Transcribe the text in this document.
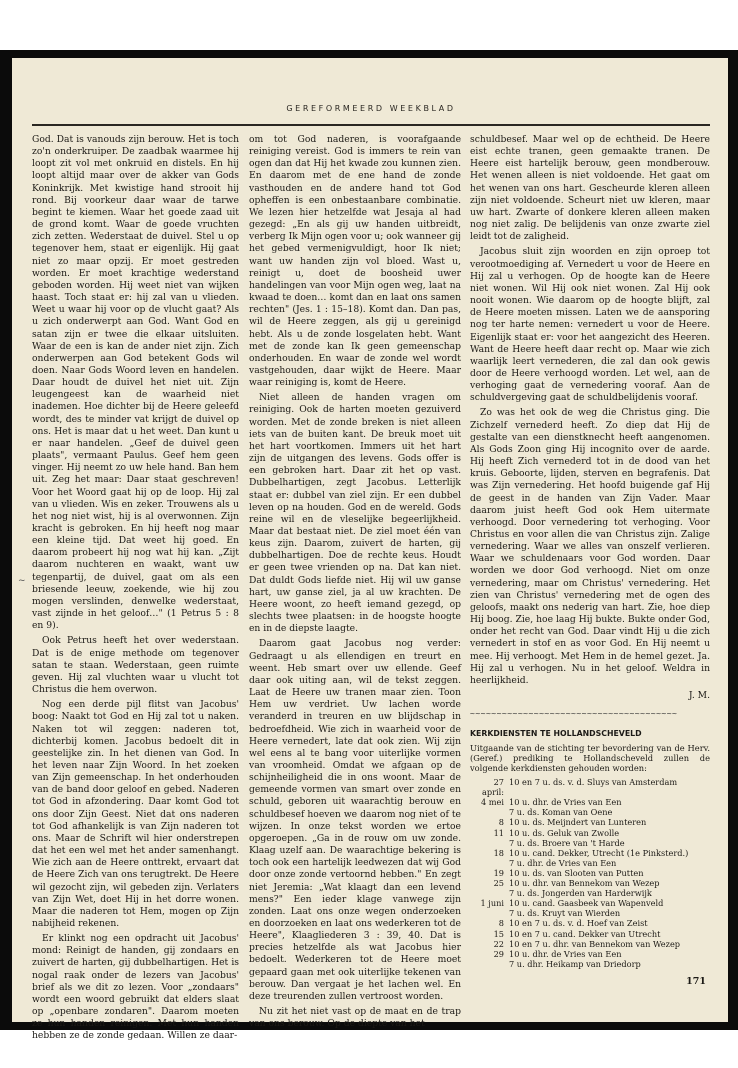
GEREFORMEERD WEEKBLAD

God. Dat is vanouds zijn berouw. Het is toch zo'n onderkruiper. De zaadbak waarmee hij loopt zit vol met onkruid en distels. En hij loopt altijd maar over de akker van Gods Koninkrijk. Met kwistige hand strooit hij rond. Bij voorkeur daar waar de tarwe begint te kiemen. Waar het goede zaad uit de grond komt. Waar de goede vruchten zich zetten. Wederstaat de duivel. Stel u op tegenover hem, staat er eigenlijk. Hij gaat niet zo maar opzij. Er moet gestreden worden. Er moet krachtige wederstand geboden worden. Hij weet niet van wijken haast. Toch staat er: hij zal van u vlieden. Weet u waar hij voor op de vlucht gaat? Als u zich onderwerpt aan God. Want God en satan zijn er twee die elkaar uitsluiten. Waar de een is kan de ander niet zijn. Zich onderwerpen aan God betekent Gods wil doen. Naar Gods Woord leven en handelen. Daar houdt de duivel het niet uit. Zijn leugengeest kan de waarheid niet inademen. Hoe dichter bij de Heere geleefd wordt, des te minder vat krijgt de duivel op ons. Het is maar dat u het weet. Dan kunt u er naar handelen. „Geef de duivel geen plaats", vermaant Paulus. Geef hem geen vinger. Hij neemt zo uw hele hand. Ban hem uit. Zeg het maar: Daar staat geschreven! Voor het Woord gaat hij op de loop. Hij zal van u vlieden. Wis en zeker. Trouwens als u het nog niet wist, hij is al overwonnen. Zijn kracht is gebroken. En hij heeft nog maar een kleine tijd. Dat weet hij goed. En daarom probeert hij nog wat hij kan. „Zijt daarom nuchteren en waakt, want uw tegenpartij, de duivel, gaat om als een briesende leeuw, zoekende, wie hij zou mogen verslinden, denwelke wederstaat, vast zijnde in het geloof…" (1 Petrus 5 : 8 en 9).

Ook Petrus heeft het over wederstaan. Dat is de enige methode om tegenover satan te staan. Wederstaan, geen ruimte geven. Hij zal vluchten waar u vlucht tot Christus die hem overwon.

Nog een derde pijl flitst van Jacobus' boog: Naakt tot God en Hij zal tot u naken. Naken tot wil zeggen: naderen tot, dichterbij komen. Jacobus bedoelt dit in geestelijke zin. In het dienen van God. In het leven naar Zijn Woord. In het zoeken van Zijn gemeenschap. In het onderhouden van de band door geloof en gebed. Naderen tot God in afzondering. Daar komt God tot ons door Zijn Geest. Niet dat ons naderen tot God afhankelijk is van Zijn naderen tot ons. Maar de Schrift wil hier onderstrepen dat het een wel met het ander samenhangt. Wie zich aan de Heere onttrekt, ervaart dat de Heere Zich van ons terugtrekt. De Heere wil gezocht zijn, wil gebeden zijn. Verlaters van Zijn Wet, doet Hij in het dorre wonen. Maar die naderen tot Hem, mogen op Zijn nabijheid rekenen.

Er klinkt nog een opdracht uit Jacobus' mond: Reinigt de handen, gij zondaars en zuivert de harten, gij dubbelhartigen. Het is nogal raak onder de lezers van Jacobus' brief als we dit zo lezen. Voor „zondaars" wordt een woord gebruikt dat elders slaat op „openbare zondaren". Daarom moeten ze hun handen reinigen. Met hun handen hebben ze de zonde gedaan. Willen ze daar-

om tot God naderen, is voorafgaande reiniging vereist. God is immers te rein van ogen dan dat Hij het kwade zou kunnen zien. En daarom met de ene hand de zonde vasthouden en de andere hand tot God opheffen is een onbestaanbare combinatie. We lezen hier hetzelfde wat Jesaja al had gezegd: „En als gij uw handen uitbreidt, verberg Ik Mijn ogen voor u; ook wanneer gij het gebed vermenigvuldigt, hoor Ik niet; want uw handen zijn vol bloed. Wast u, reinigt u, doet de boosheid uwer handelingen van voor Mijn ogen weg, laat na kwaad te doen… komt dan en laat ons samen rechten" (Jes. 1 : 15–18). Komt dan. Dan pas, wil de Heere zeggen, als gij u gereinigd hebt. Als u de zonde losgelaten hebt. Want met de zonde kan Ik geen gemeenschap onderhouden. En waar de zonde wel wordt vastgehouden, daar wijkt de Heere. Maar waar reiniging is, komt de Heere.

Niet alleen de handen vragen om reiniging. Ook de harten moeten gezuiverd worden. Met de zonde breken is niet alleen iets van de buiten kant. De breuk moet uit het hart voortkomen. Immers uit het hart zijn de uitgangen des levens. Gods offer is een gebroken hart. Daar zit het op vast. Dubbelhartigen, zegt Jacobus. Letterlijk staat er: dubbel van ziel zijn. Er een dubbel leven op na houden. God en de wereld. Gods reine wil en de vleselijke begeerlijkheid. Maar dat bestaat niet. De ziel moet één van keus zijn. Daarom, zuivert de harten, gij dubbelhartigen. Doe de rechte keus. Houdt er geen twee vrienden op na. Dat kan niet. Dat duldt Gods liefde niet. Hij wil uw ganse hart, uw ganse ziel, ja al uw krachten. De Heere woont, zo heeft iemand gezegd, op slechts twee plaatsen: in de hoogste hoogte en in de diepste laagte.

Daarom gaat Jacobus nog verder: Gedraagt u als ellendigen en treurt en weent. Heb smart over uw ellende. Geef daar ook uiting aan, wil de tekst zeggen. Laat de Heere uw tranen maar zien. Toon Hem uw verdriet. Uw lachen worde veranderd in treuren en uw blijdschap in bedroefdheid. Wie zich in waarheid voor de Heere vernedert, late dat ook zien. Wij zijn wel eens al te bang voor uiterlijke vormen van vroomheid. Omdat we afgaan op de schijnheiligheid die in ons woont. Maar de gemeende vormen van smart over zonde en schuld, geboren uit waarachtig berouw en schuldbesef hoeven we daarom nog niet of te wijzen. In onze tekst worden we ertoe opgeroepen. „Ga in de rouw om uw zonde. Klaag uzelf aan. De waarachtige bekering is toch ook een hartelijk leedwezen dat wij God door onze zonde vertoornd hebben." En zegt niet Jeremia: „Wat klaagt dan een levend mens?" Een ieder klage vanwege zijn zonden. Laat ons onze wegen onderzoeken en doorzoeken en laat ons wederkeren tot de Heere", Klaagliederen 3 : 39, 40. Dat is precies hetzelfde als wat Jacobus hier bedoelt. Wederkeren tot de Heere moet gepaard gaan met ook uiterlijke tekenen van berouw. Dan vergaat je het lachen wel. En deze treurenden zullen vertroost worden.

Nu zit het niet vast op de maat en de trap van ons berouw. Op de diepte van het

schuldbesef. Maar wel op de echtheid. De Heere eist echte tranen, geen gemaakte tranen. De Heere eist hartelijk berouw, geen mondberouw. Het wenen alleen is niet voldoende. Het gaat om het wenen van ons hart. Gescheurde kleren alleen zijn niet voldoende. Scheurt niet uw kleren, maar uw hart. Zwarte of donkere kleren alleen maken nog niet zalig. De belijdenis van onze zwarte ziel leidt tot de zaligheid.

Jacobus sluit zijn woorden en zijn oproep tot verootmoediging af. Vernedert u voor de Heere en Hij zal u verhogen. Op de hoogte kan de Heere niet wonen. Wil Hij ook niet wonen. Zal Hij ook nooit wonen. Wie daarom op de hoogte blijft, zal de Heere moeten missen. Laten we de aansporing nog ter harte nemen: vernedert u voor de Heere. Eigenlijk staat er: voor het aangezicht des Heeren. Want de Heere heeft daar recht op. Maar wie zich waarlijk leert vernederen, die zal dan ook gewis door de Heere verhoogd worden. Let wel, aan de verhoging gaat de vernedering vooraf. Aan de schuldvergeving gaat de schuldbelijdenis vooraf.

Zo was het ook de weg die Christus ging. Die Zichzelf vernederd heeft. Zo diep dat Hij de gestalte van een dienstknecht heeft aangenomen. Als Gods Zoon ging Hij incognito over de aarde. Hij heeft Zich vernederd tot in de dood van het kruis. Geboorte, lijden, sterven en begrafenis. Dat was Zijn vernedering. Het hoofd buigende gaf Hij de geest in de handen van Zijn Vader. Maar daarom juist heeft God ook Hem uitermate verhoogd. Door vernedering tot verhoging. Voor Christus en voor allen die van Christus zijn. Zalige vernedering. Waar we alles van onszelf verlieren. Waar we schuldenaars voor God worden. Daar worden we door God verhoogd. Niet om onze vernedering, maar om Christus' vernedering. Het zien van Christus' vernedering met de ogen des geloofs, maakt ons nederig van hart. Zie, hoe diep Hij boog. Zie, hoe laag Hij bukte. Bukte onder God, onder het recht van God. Daar vindt Hij u die zich vernedert in stof en as voor God. En Hij neemt u mee. Hij verhoogt. Met Hem in de hemel gezet. Ja. Hij zal u verhogen. Nu in het geloof. Weldra in heerlijkheid.

J. M.
~~~~~~~~~~~~~~~~~~~~~~~~~~~~~~~~~~~~~~~
KERKDIENSTEN TE HOLLANDSCHEVELD
Uitgaande van de stichting ter bevordering van de Herv. (Geref.) prediking te Hollandscheveld zullen de volgende kerkdiensten gehouden worden:
27 april:
10 en 7 u. ds. v. d. Sluys van Amsterdam
4 mei 10 u. dhr. de Vries van Een
7 u. ds. Koman van Oene
8 10 u. ds. Meijndert van Lunteren
11 10 u. ds. Geluk van Zwolle
7 u. ds. Broere van 't Harde
18 10 u. cand. Dekker, Utrecht (1e Pinksterd.)
7 u. dhr. de Vries van Een
19 10 u. ds. van Slooten van Putten
25 10 u. dhr. van Bennekom van Wezep
7 u. ds. Jongerden van Harderwijk
1 juni 10 u. cand. Gaasbeek van Wapenveld
7 u. ds. Kruyt van Wierden
8 10 en 7 u. ds. v. d. Hoef van Zeist
15 10 en 7 u. cand. Dekker van Utrecht
22 10 en 7 u. dhr. van Bennekom van Wezep
29 10 u. dhr. de Vries van Een
7 u. dhr. Heikamp van Driedorp
~
171
